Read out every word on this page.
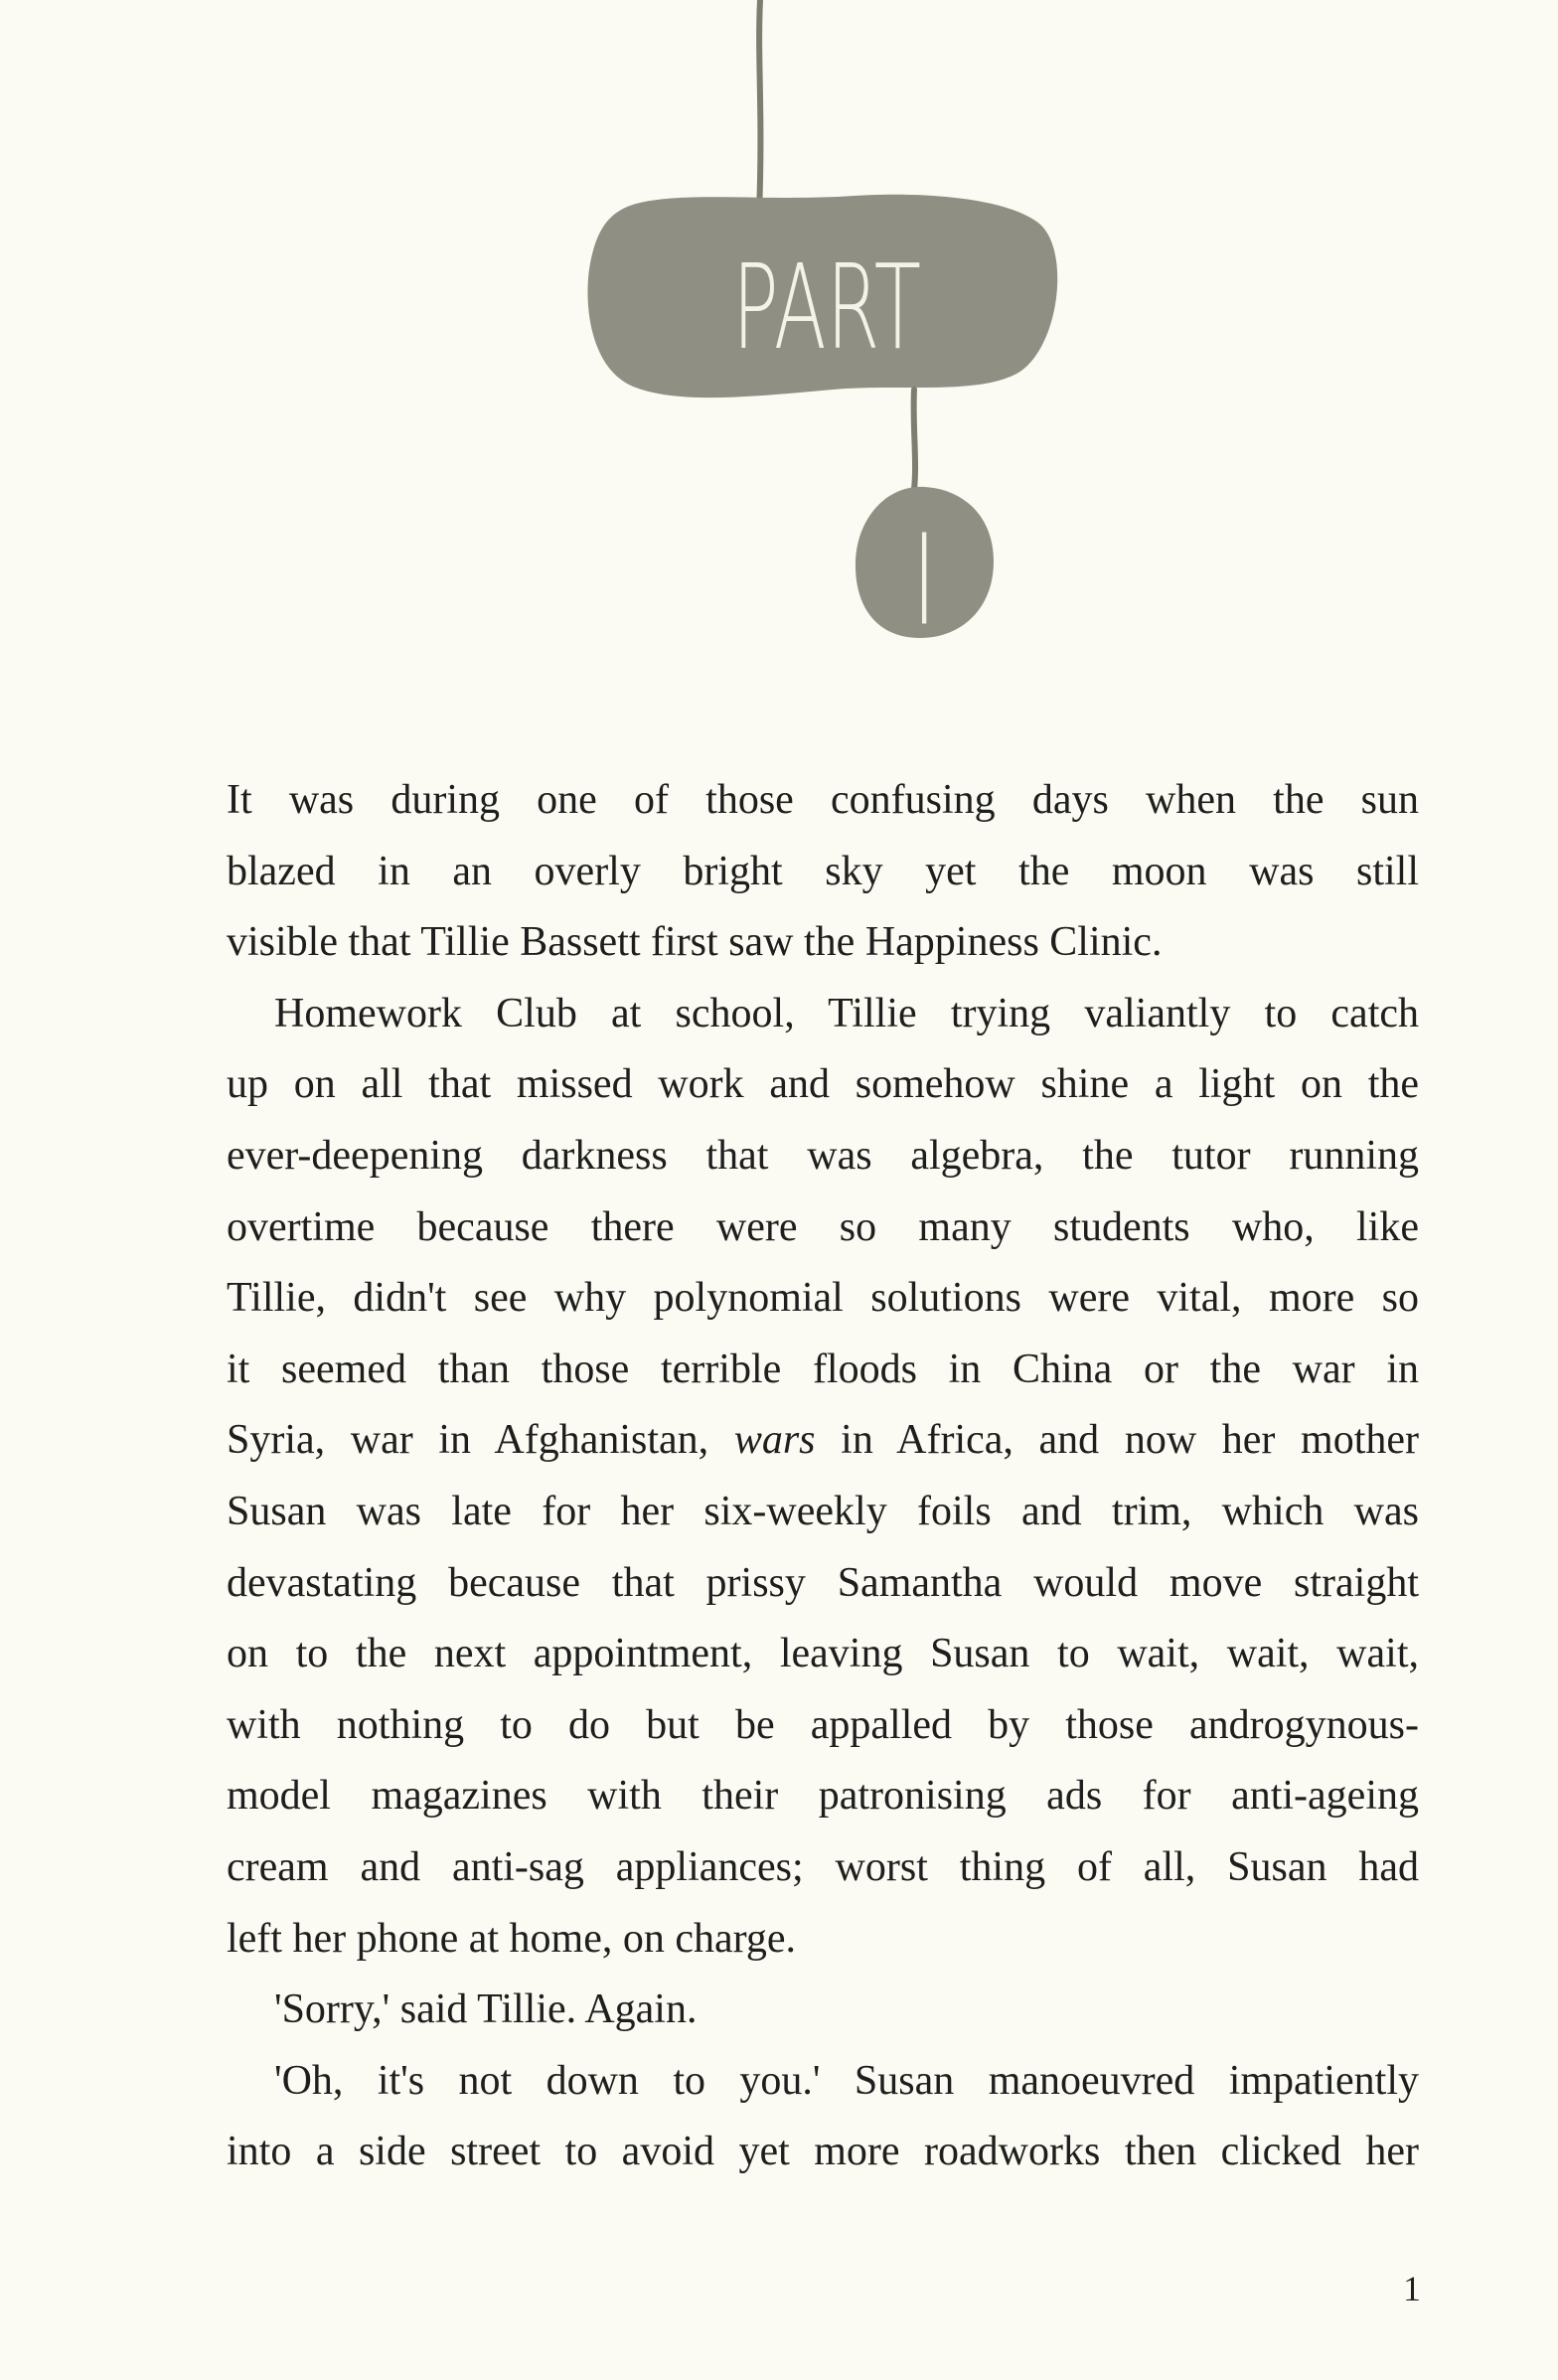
PART
|
It was during one of those confusing days when the sun
blazed in an overly bright sky yet the moon was still
visible that Tillie Bassett first saw the Happiness Clinic.
Homework Club at school, Tillie trying valiantly to catch
up on all that missed work and somehow shine a light on the
ever-deepening darkness that was algebra, the tutor running
overtime because there were so many students who, like
Tillie, didn't see why polynomial solutions were vital, more so
it seemed than those terrible floods in China or the war in
Syria, war in Afghanistan, wars in Africa, and now her mother
Susan was late for her six-weekly foils and trim, which was
devastating because that prissy Samantha would move straight
on to the next appointment, leaving Susan to wait, wait, wait,
with nothing to do but be appalled by those androgynous-
model magazines with their patronising ads for anti-ageing
cream and anti-sag appliances; worst thing of all, Susan had
left her phone at home, on charge.
'Sorry,' said Tillie. Again.
'Oh, it's not down to you.' Susan manoeuvred impatiently
into a side street to avoid yet more roadworks then clicked her
1
